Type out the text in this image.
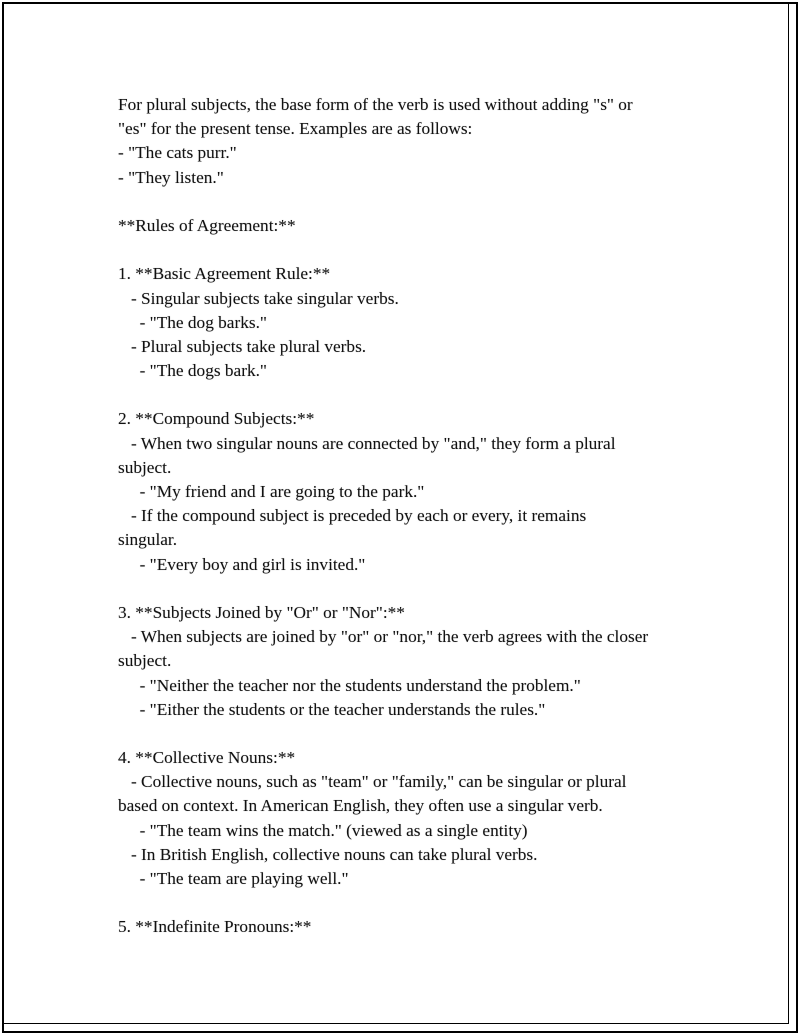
For plural subjects, the base form of the verb is used without adding "s" or
"es" for the present tense. Examples are as follows:
- "The cats purr."
- "They listen."
**Rules of Agreement:**
1. **Basic Agreement Rule:**
- Singular subjects take singular verbs.
- "The dog barks."
- Plural subjects take plural verbs.
- "The dogs bark."
2. **Compound Subjects:**
- When two singular nouns are connected by "and," they form a plural
subject.
- "My friend and I are going to the park."
- If the compound subject is preceded by each or every, it remains
singular.
- "Every boy and girl is invited."
3. **Subjects Joined by "Or" or "Nor":**
- When subjects are joined by "or" or "nor," the verb agrees with the closer
subject.
- "Neither the teacher nor the students understand the problem."
- "Either the students or the teacher understands the rules."
4. **Collective Nouns:**
- Collective nouns, such as "team" or "family," can be singular or plural
based on context. In American English, they often use a singular verb.
- "The team wins the match." (viewed as a single entity)
- In British English, collective nouns can take plural verbs.
- "The team are playing well."
5. **Indefinite Pronouns:**
